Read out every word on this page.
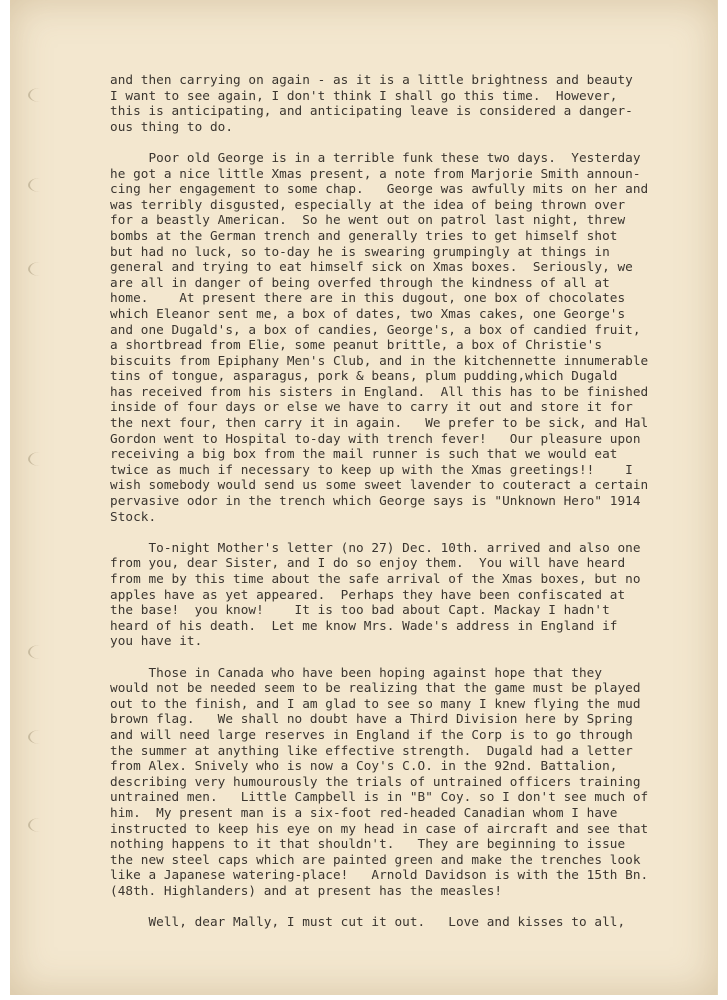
and then carrying on again - as it is a little brightness and beauty
I want to see again, I don't think I shall go this time.  However,
this is anticipating, and anticipating leave is considered a danger-
ous thing to do.
Poor old George is in a terrible funk these two days.  Yesterday
he got a nice little Xmas present, a note from Marjorie Smith announ-
cing her engagement to some chap.   George was awfully mits on her and
was terribly disgusted, especially at the idea of being thrown over
for a beastly American.  So he went out on patrol last night, threw
bombs at the German trench and generally tries to get himself shot
but had no luck, so to-day he is swearing grumpingly at things in
general and trying to eat himself sick on Xmas boxes.  Seriously, we
are all in danger of being overfed through the kindness of all at
home.    At present there are in this dugout, one box of chocolates
which Eleanor sent me, a box of dates, two Xmas cakes, one George's
and one Dugald's, a box of candies, George's, a box of candied fruit,
a shortbread from Elie, some peanut brittle, a box of Christie's
biscuits from Epiphany Men's Club, and in the kitchennette innumerable
tins of tongue, asparagus, pork & beans, plum pudding,which Dugald
has received from his sisters in England.  All this has to be finished
inside of four days or else we have to carry it out and store it for
the next four, then carry it in again.   We prefer to be sick, and Hal
Gordon went to Hospital to-day with trench fever!   Our pleasure upon
receiving a big box from the mail runner is such that we would eat
twice as much if necessary to keep up with the Xmas greetings!!    I
wish somebody would send us some sweet lavender to couteract a certain
pervasive odor in the trench which George says is "Unknown Hero" 1914
Stock.
To-night Mother's letter (no 27) Dec. 10th. arrived and also one
from you, dear Sister, and I do so enjoy them.  You will have heard
from me by this time about the safe arrival of the Xmas boxes, but no
apples have as yet appeared.  Perhaps they have been confiscated at
the base!  you know!    It is too bad about Capt. Mackay I hadn't
heard of his death.  Let me know Mrs. Wade's address in England if
you have it.
Those in Canada who have been hoping against hope that they
would not be needed seem to be realizing that the game must be played
out to the finish, and I am glad to see so many I knew flying the mud
brown flag.   We shall no doubt have a Third Division here by Spring
and will need large reserves in England if the Corp is to go through
the summer at anything like effective strength.  Dugald had a letter
from Alex. Snively who is now a Coy's C.O. in the 92nd. Battalion,
describing very humourously the trials of untrained officers training
untrained men.   Little Campbell is in "B" Coy. so I don't see much of
him.  My present man is a six-foot red-headed Canadian whom I have
instructed to keep his eye on my head in case of aircraft and see that
nothing happens to it that shouldn't.   They are beginning to issue
the new steel caps which are painted green and make the trenches look
like a Japanese watering-place!   Arnold Davidson is with the 15th Bn.
(48th. Highlanders) and at present has the measles!
Well, dear Mally, I must cut it out.   Love and kisses to all,
